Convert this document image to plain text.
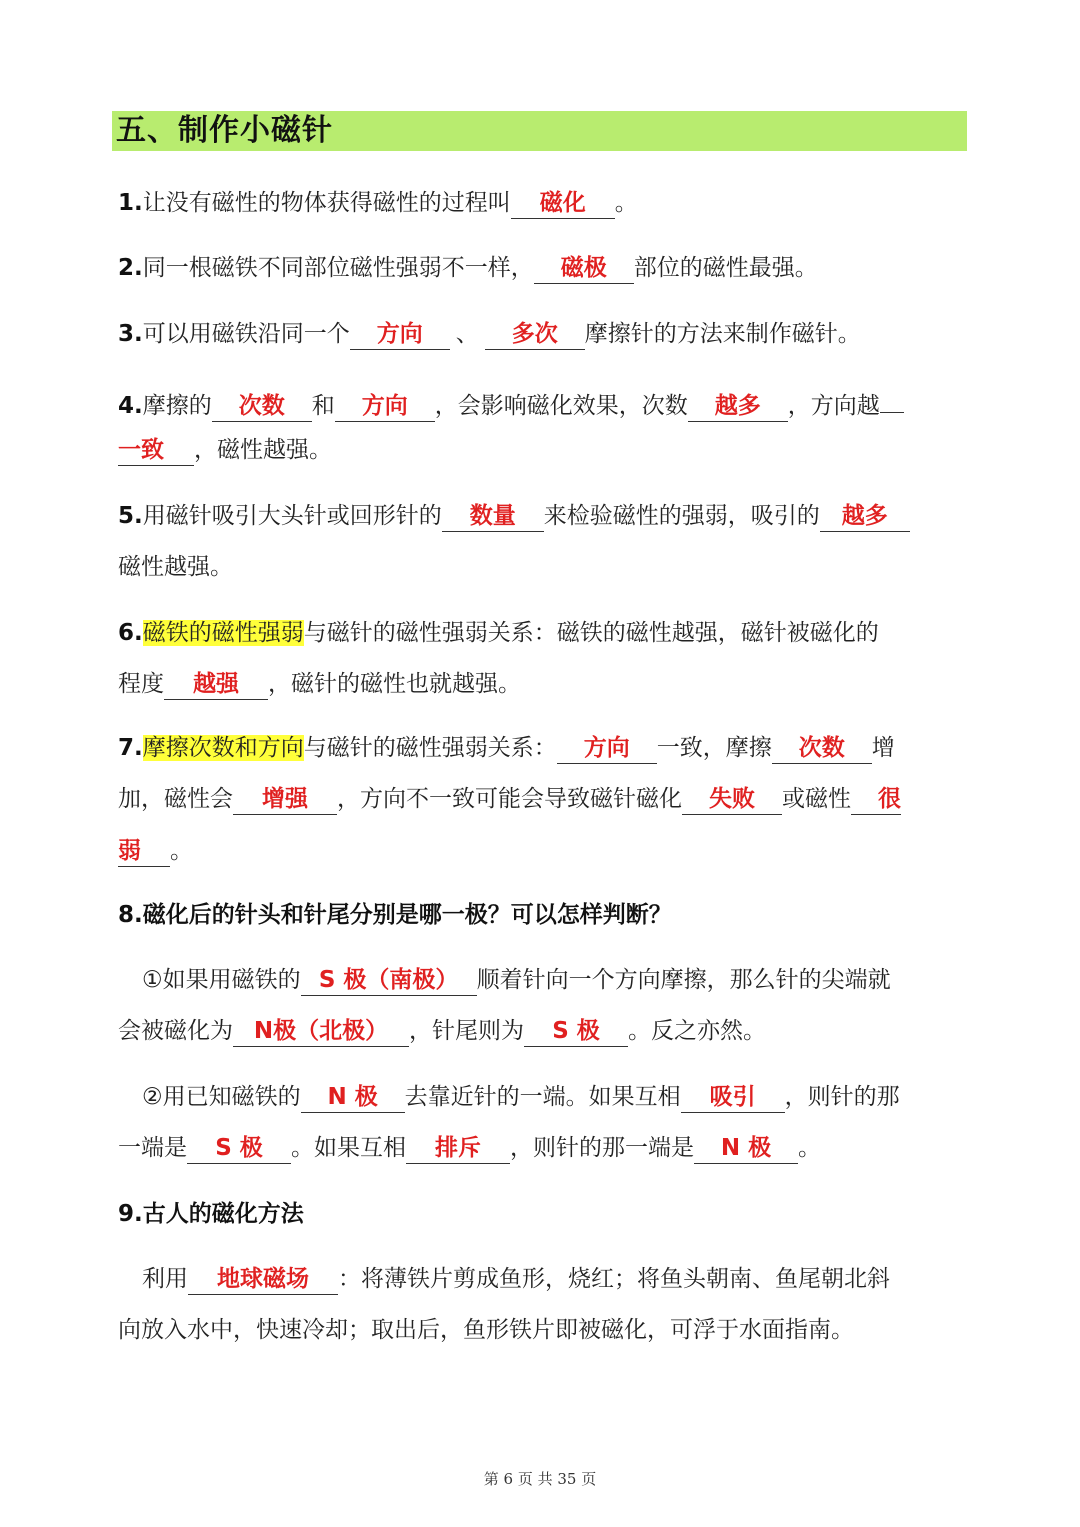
五、制作小磁针
1.让没有磁性的物体获得磁性的过程叫 磁化 。
2.同一根磁铁不同部位磁性强弱不一样， 磁极 部位的磁性最强。
3.可以用磁铁沿同一个 方向 、 多次 摩擦针的方法来制作磁针。
4.摩擦的 次数 和 方向 ，会影响磁化效果，次数 越多 ，方向越
一致 ，磁性越强。
5.用磁针吸引大头针或回形针的 数量 来检验磁性的强弱，吸引的 越多
磁性越强。
6.磁铁的磁性强弱与磁针的磁性强弱关系：磁铁的磁性越强，磁针被磁化的
程度 越强 ，磁针的磁性也就越强。
7.摩擦次数和方向与磁针的磁性强弱关系： 方向 一致，摩擦 次数 增
加，磁性会 增强 ，方向不一致可能会导致磁针磁化 失败 或磁性 很
弱 。
8.磁化后的针头和针尾分别是哪一极？可以怎样判断？
①如果用磁铁的 S 极（南极） 顺着针向一个方向摩擦，那么针的尖端就
会被磁化为 N极（北极） ，针尾则为 S 极 。反之亦然。
②用已知磁铁的 N 极 去靠近针的一端。如果互相 吸引 ，则针的那
一端是 S 极 。如果互相 排斥 ，则针的那一端是 N 极 。
9.古人的磁化方法
利用 地球磁场 ：将薄铁片剪成鱼形，烧红；将鱼头朝南、鱼尾朝北斜
向放入水中，快速冷却；取出后，鱼形铁片即被磁化，可浮于水面指南。
第 6 页 共 35 页
